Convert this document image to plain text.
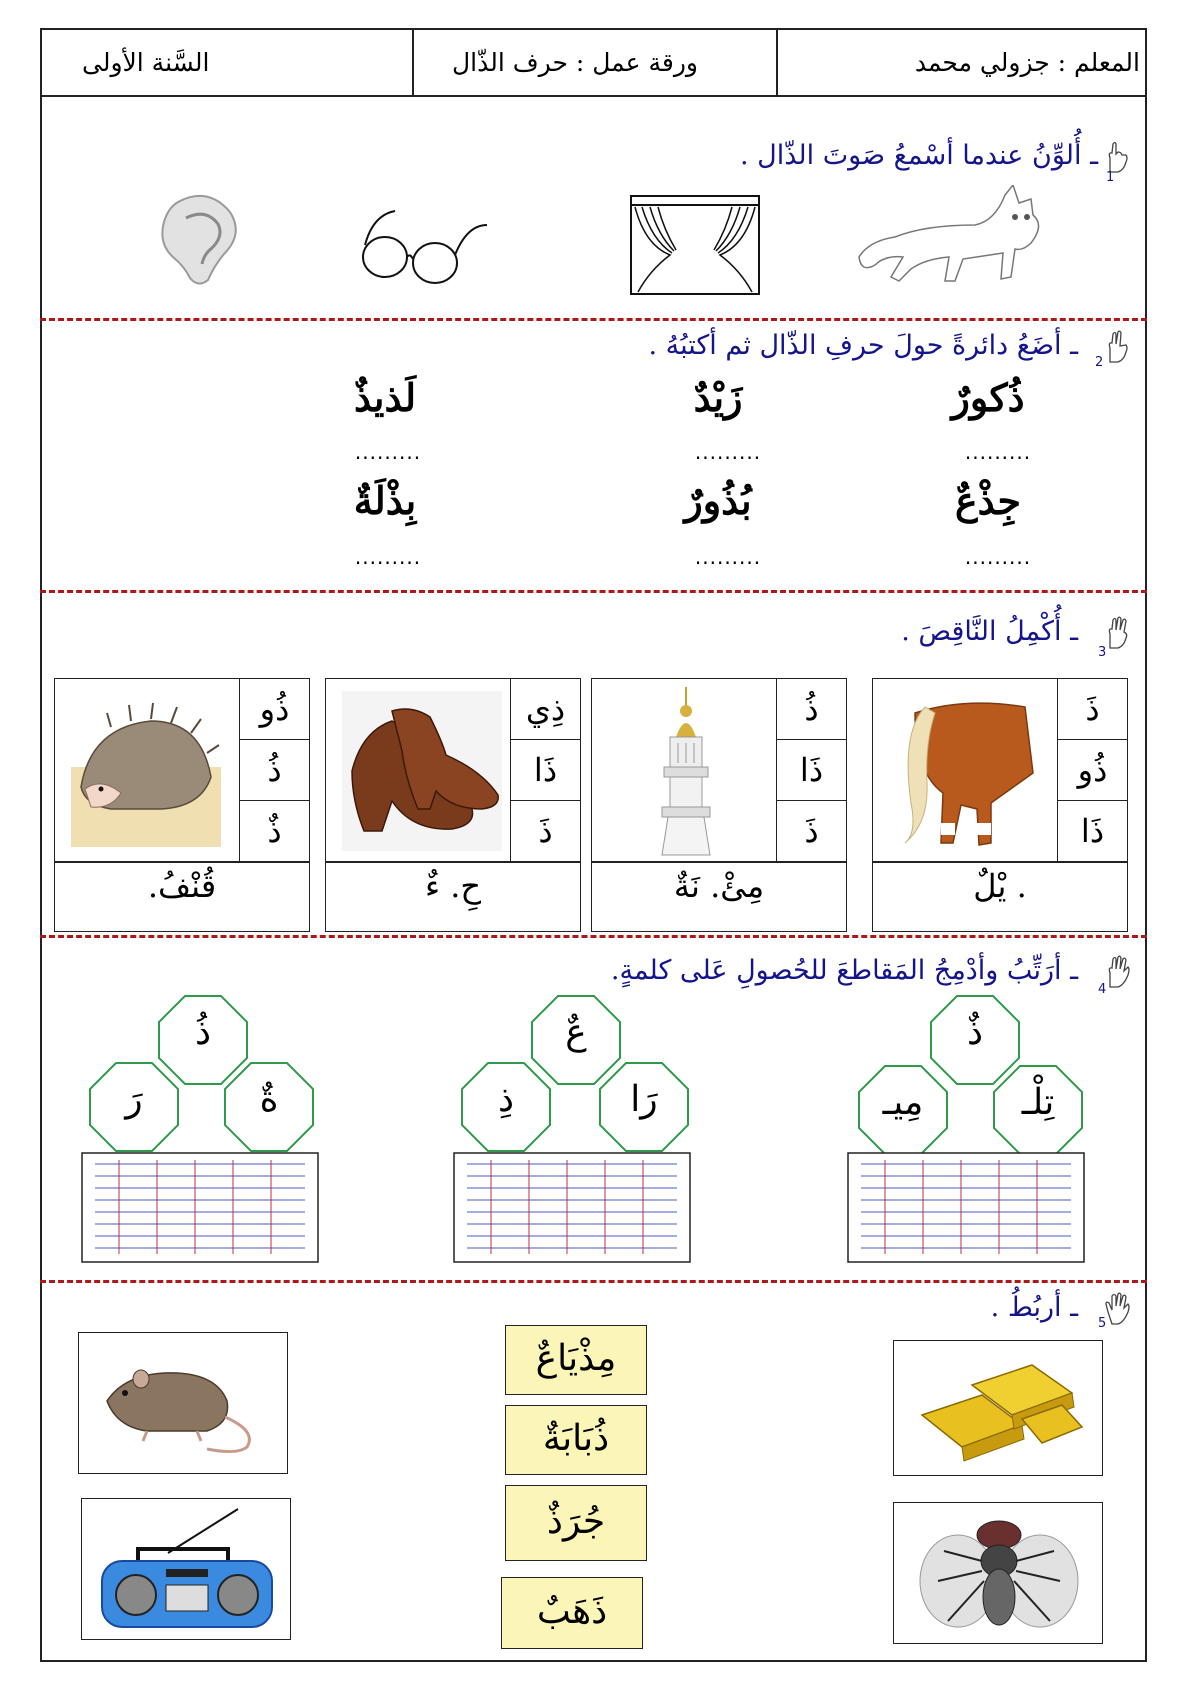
المعلم : جزولي محمد
ورقة عمل : حرف الذّال
السَّنة الأولى
1
ـ أُلوِّنُ عندما أسْمعُ صَوتَ الذّال .
2
ـ أضَعُ دائرةً حولَ حرفِ الذّال ثم أكتبُهُ .
ذُكورٌ
زَيْدٌ
لَذيذٌ
.........
.........
.........
جِذْعٌ
بُذُورٌ
بِذْلَةٌ
.........
.........
.........
3
ـ أُكْمِلُ النَّاقِصَ .
ذَ
ذُو
ذَا
. يْلٌ
ذُ
ذَا
ذَ
مِئْ. نَةٌ
ذِي
ذَا
ذَ
حِ. ءٌ
ذُو
ذُ
ذٌ
قُنْفُ.
4
ـ أرَتِّبُ وأدْمِجُ المَقاطعَ للحُصولِ عَلى كلمةٍ.
ذٌ
مِيـ	تِلْـ
عٌ
ذِ	رَا
ذُ
رَ	ةٌ
5
ـ أربُطُ .
مِذْيَاعٌ
ذُبَابَةٌ
جُرَذٌ
ذَهَبٌ
